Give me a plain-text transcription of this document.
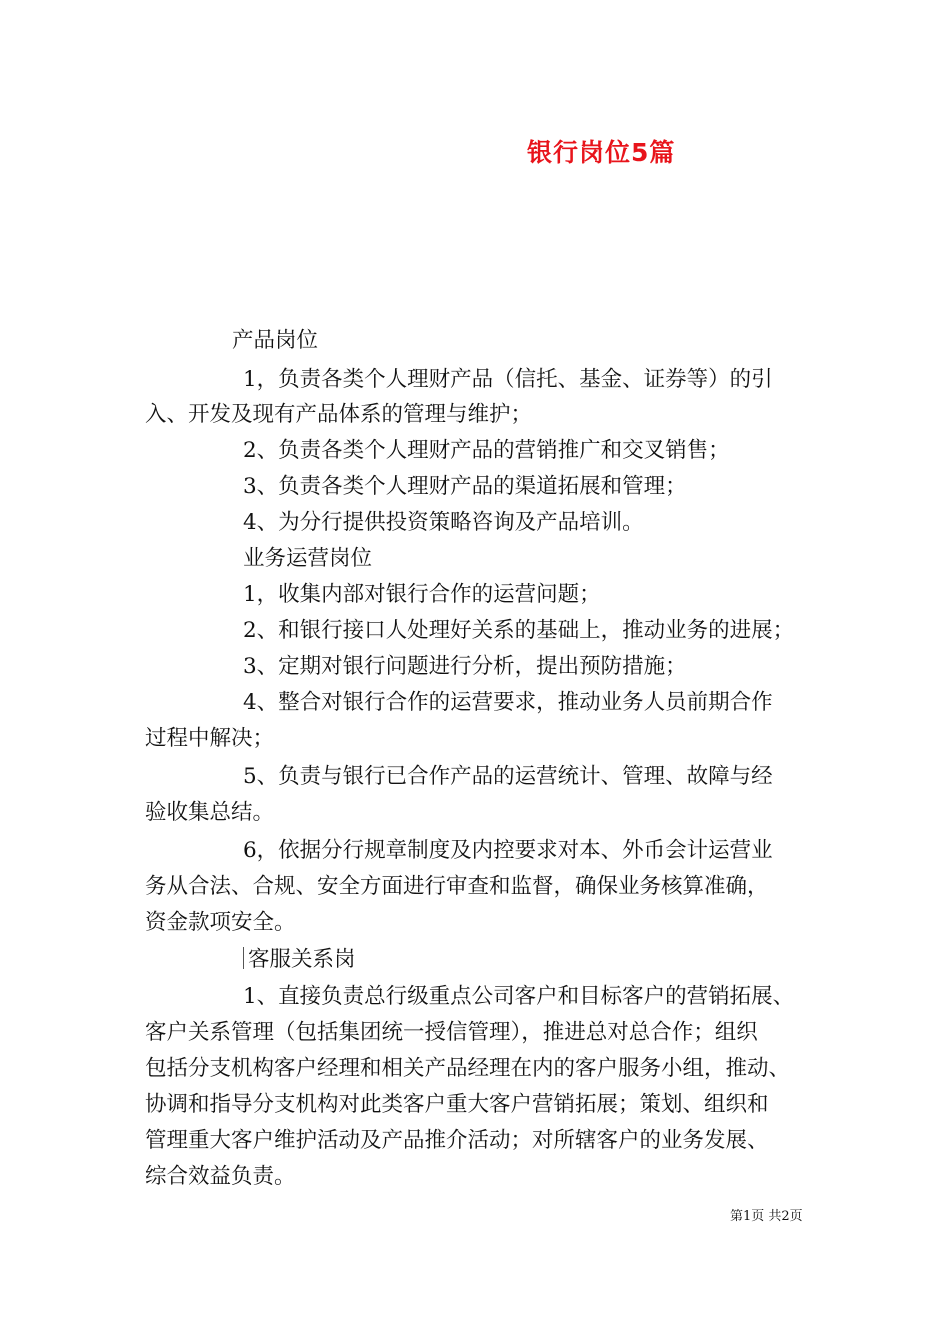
银行岗位5篇
产品岗位
1，负责各类个人理财产品（信托、基金、证券等）的引
入、开发及现有产品体系的管理与维护；
2、负责各类个人理财产品的营销推广和交叉销售；
3、负责各类个人理财产品的渠道拓展和管理；
4、为分行提供投资策略咨询及产品培训。
业务运营岗位
1，收集内部对银行合作的运营问题；
2、和银行接口人处理好关系的基础上，推动业务的进展；
3、定期对银行问题进行分析，提出预防措施；
4、整合对银行合作的运营要求，推动业务人员前期合作
过程中解决；
5、负责与银行已合作产品的运营统计、管理、故障与经
验收集总结。
6，依据分行规章制度及内控要求对本、外币会计运营业
务从合法、合规、安全方面进行审查和监督，确保业务核算准确，
资金款项安全。
客服关系岗
1、直接负责总行级重点公司客户和目标客户的营销拓展、
客户关系管理（包括集团统一授信管理），推进总对总合作；组织
包括分支机构客户经理和相关产品经理在内的客户服务小组，推动、
协调和指导分支机构对此类客户重大客户营销拓展；策划、组织和
管理重大客户维护活动及产品推介活动；对所辖客户的业务发展、
综合效益负责。
第1页 共2页
